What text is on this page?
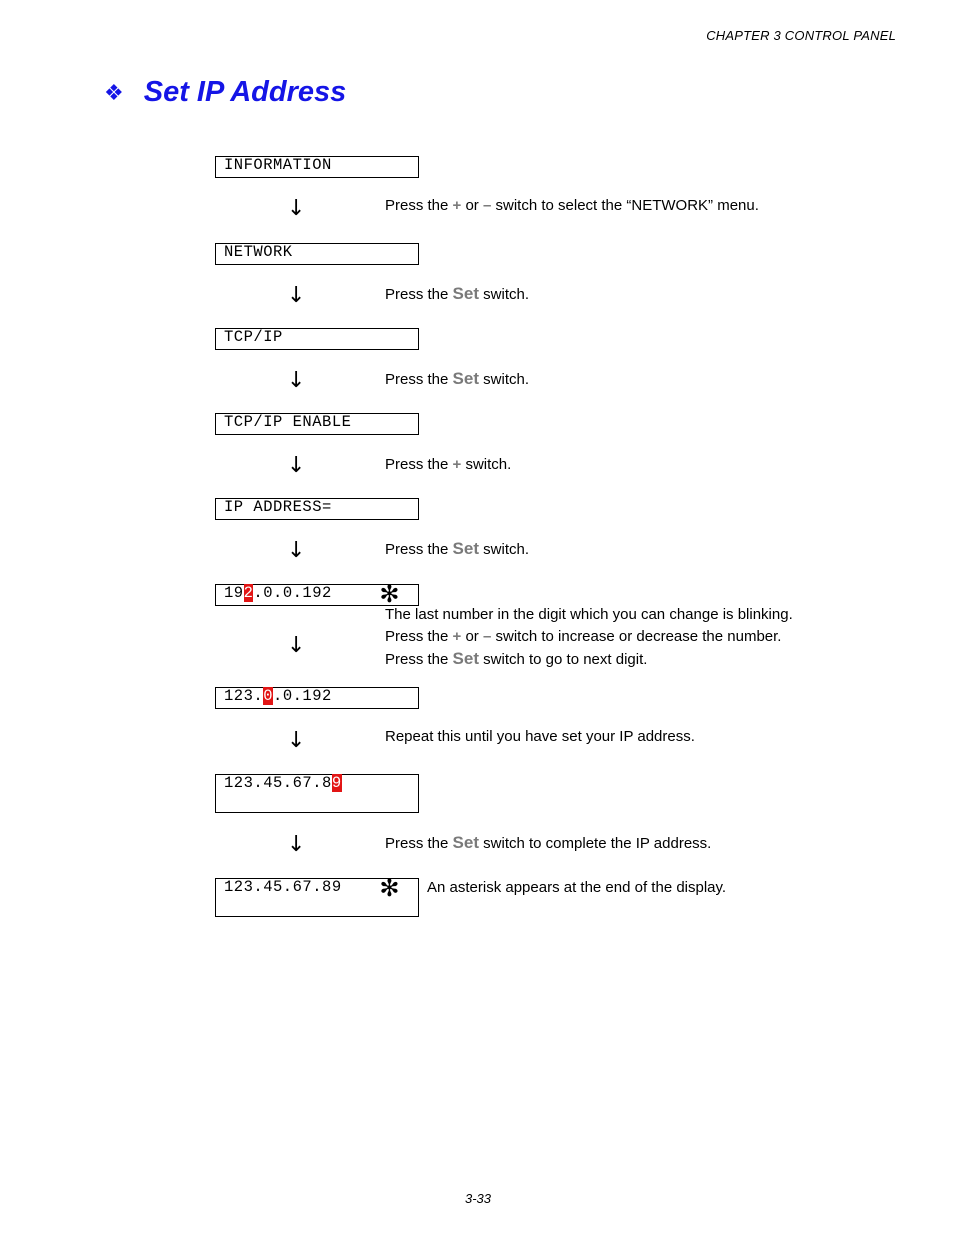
CHAPTER 3 CONTROL PANEL
❖ Set IP Address
INFORMATION
↓	Press the + or – switch to select the “NETWORK” menu.
NETWORK
↓	Press the Set switch.
TCP/IP
↓	Press the Set switch.
TCP/IP ENABLE
↓	Press the + switch.
IP ADDRESS=
↓	Press the Set switch.
192.0.0.192 ✻
The last number in the digit which you can change is blinking.
Press the + or – switch to increase or decrease the number.
Press the Set switch to go to next digit.
↓
123.0.0.192
↓	Repeat this until you have set your IP address.
123.45.67.89
↓	Press the Set switch to complete the IP address.
123.45.67.89 ✻ An asterisk appears at the end of the display.
3-33
